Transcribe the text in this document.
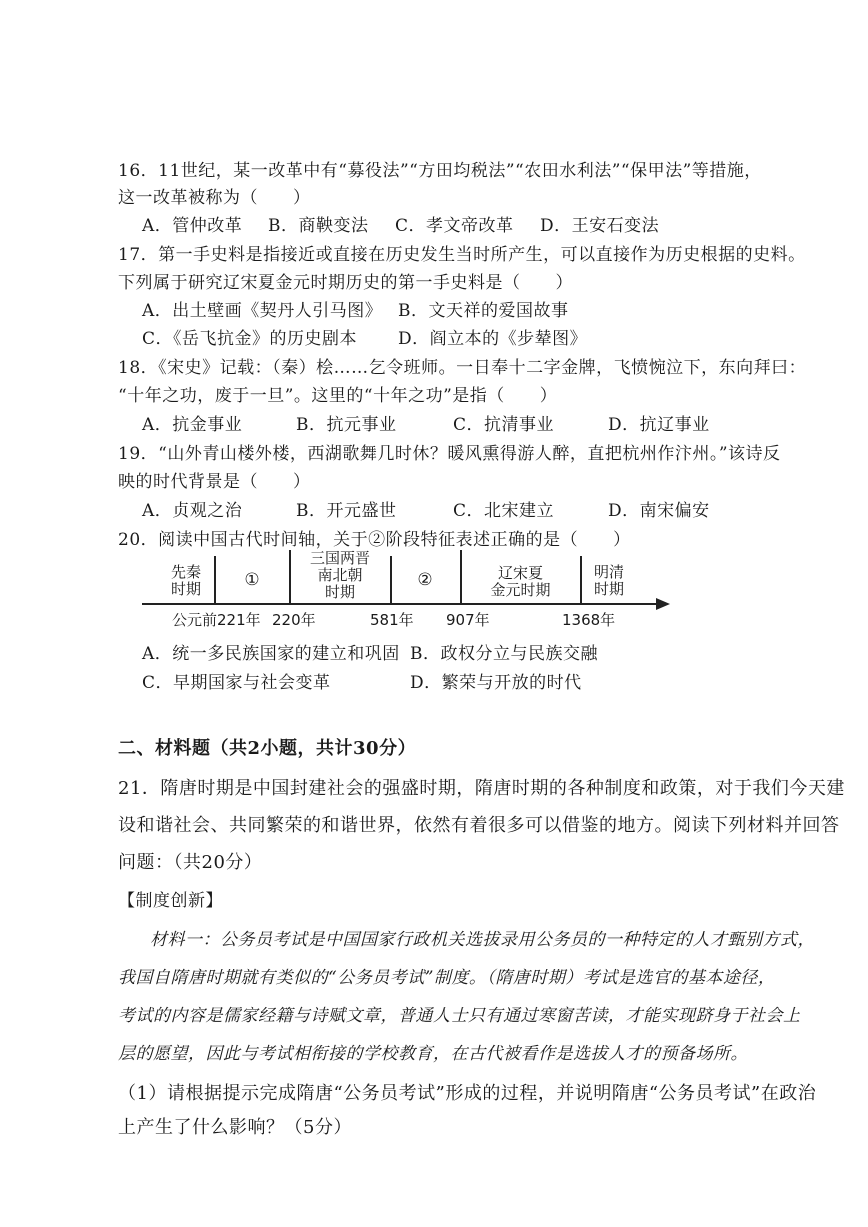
16．11世纪，某一改革中有“募役法”“方田均税法”“农田水利法”“保甲法”等措施，
这一改革被称为（　　）
A．管仲改革 B．商鞅变法 C．孝文帝改革 D．王安石变法
17．第一手史料是指接近或直接在历史发生当时所产生，可以直接作为历史根据的史料。
下列属于研究辽宋夏金元时期历史的第一手史料是（　　）
A．出土壁画《契丹人引马图》 B．文天祥的爱国故事
C．《岳飞抗金》的历史剧本 D．阎立本的《步辇图》
18．《宋史》记载：（秦）桧……乞令班师。一日奉十二字金牌，飞愤惋泣下，东向拜曰：
“十年之功，废于一旦”。这里的“十年之功”是指（　　）
A．抗金事业	B．抗元事业	C．抗清事业	D．抗辽事业
19．“山外青山楼外楼，西湖歌舞几时休？暖风熏得游人醉，直把杭州作汴州。”该诗反
映的时代背景是（　　）
A．贞观之治	B．开元盛世	C．北宋建立	D．南宋偏安
20．阅读中国古代时间轴，关于②阶段特征表述正确的是（　　）
先秦
时期	①
三国两晋
南北朝
时期
②	辽宋夏
金元时期
明清
时期
公元前221年 220年	581年 907年	1368年
A．统一多民族国家的建立和巩固 B．政权分立与民族交融
C．早期国家与社会变革	D．繁荣与开放的时代
二、材料题（共2小题，共计30分）
21．隋唐时期是中国封建社会的强盛时期，隋唐时期的各种制度和政策，对于我们今天建
设和谐社会、共同繁荣的和谐世界，依然有着很多可以借鉴的地方。阅读下列材料并回答
问题：（共20分）
【制度创新】
材料一：公务员考试是中国国家行政机关选拔录用公务员的一种特定的人才甄别方式，
我国自隋唐时期就有类似的“公务员考试”制度。（隋唐时期）考试是选官的基本途径，
考试的内容是儒家经籍与诗赋文章，普通人士只有通过寒窗苦读，才能实现跻身于社会上
层的愿望，因此与考试相衔接的学校教育，在古代被看作是选拔人才的预备场所。
（1）请根据提示完成隋唐“公务员考试”形成的过程，并说明隋唐“公务员考试”在政治
上产生了什么影响？（5分）
